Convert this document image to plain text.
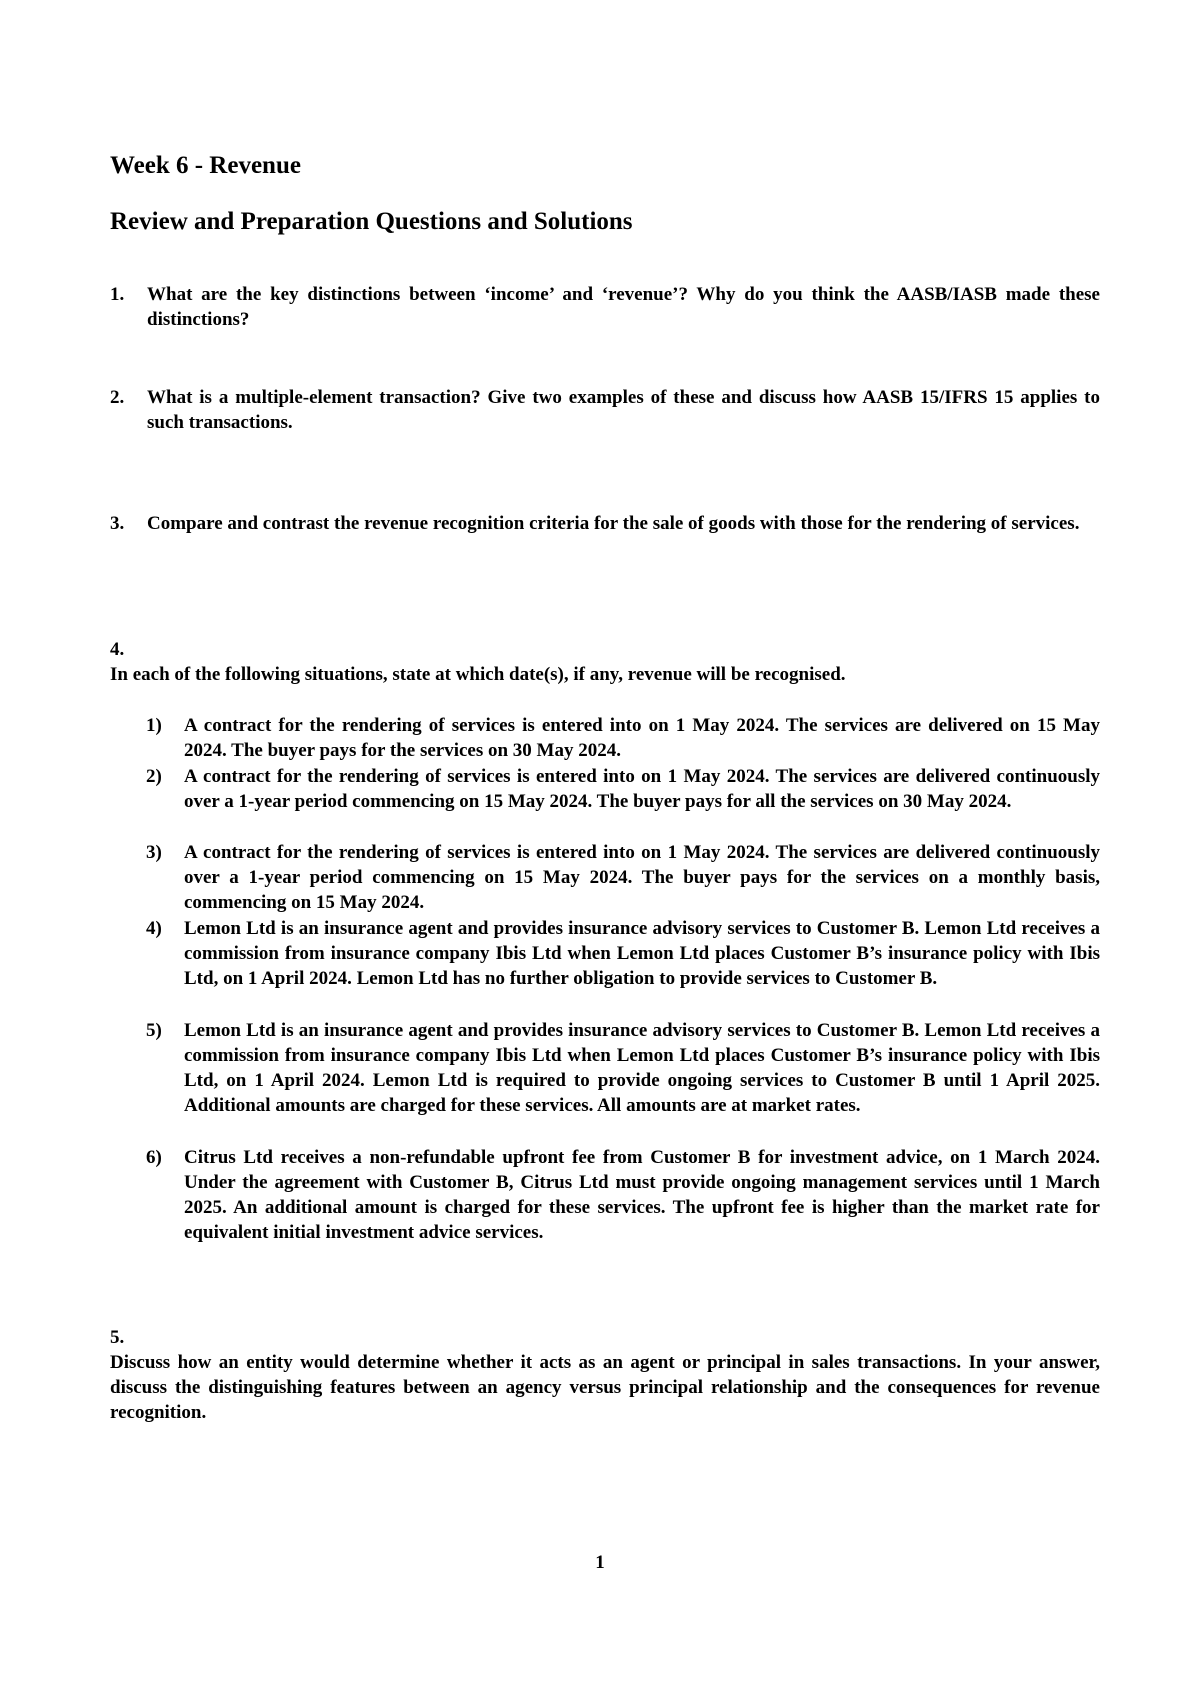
Week 6 - Revenue
Review and Preparation Questions and Solutions
1. What are the key distinctions between ‘income’ and ‘revenue’? Why do you think the AASB/IASB made these distinctions?
2. What is a multiple-element transaction? Give two examples of these and discuss how AASB 15/IFRS 15 applies to such transactions.
3. Compare and contrast the revenue recognition criteria for the sale of goods with those for the rendering of services.
4.
In each of the following situations, state at which date(s), if any, revenue will be recognised.
1) A contract for the rendering of services is entered into on 1 May 2024. The services are delivered on 15 May 2024. The buyer pays for the services on 30 May 2024.
2) A contract for the rendering of services is entered into on 1 May 2024. The services are delivered continuously over a 1-year period commencing on 15 May 2024. The buyer pays for all the services on 30 May 2024.
3) A contract for the rendering of services is entered into on 1 May 2024. The services are delivered continuously over a 1-year period commencing on 15 May 2024. The buyer pays for the services on a monthly basis, commencing on 15 May 2024.
4) Lemon Ltd is an insurance agent and provides insurance advisory services to Customer B. Lemon Ltd receives a commission from insurance company Ibis Ltd when Lemon Ltd places Customer B’s insurance policy with Ibis Ltd, on 1 April 2024. Lemon Ltd has no further obligation to provide services to Customer B.
5) Lemon Ltd is an insurance agent and provides insurance advisory services to Customer B. Lemon Ltd receives a commission from insurance company Ibis Ltd when Lemon Ltd places Customer B’s insurance policy with Ibis Ltd, on 1 April 2024. Lemon Ltd is required to provide ongoing services to Customer B until 1 April 2025. Additional amounts are charged for these services. All amounts are at market rates.
6) Citrus Ltd receives a non-refundable upfront fee from Customer B for investment advice, on 1 March 2024. Under the agreement with Customer B, Citrus Ltd must provide ongoing management services until 1 March 2025. An additional amount is charged for these services. The upfront fee is higher than the market rate for equivalent initial investment advice services.
5.
Discuss how an entity would determine whether it acts as an agent or principal in sales transactions. In your answer, discuss the distinguishing features between an agency versus principal relationship and the consequences for revenue recognition.
1
